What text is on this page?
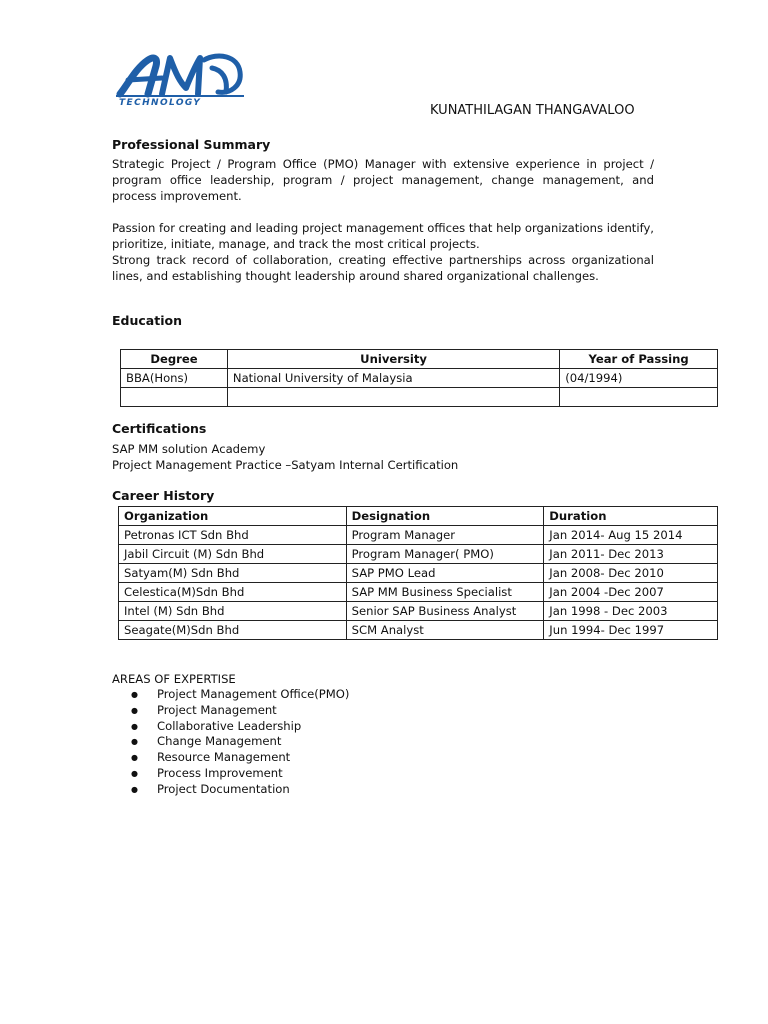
TECHNOLOGY	KUNATHILAGAN THANGAVALOO
Professional Summary

Strategic Project / Program Office (PMO) Manager with extensive experience in project / program office leadership, program / project management, change management, and process improvement.

Passion for creating and leading project management offices that help organizations identify, prioritize, initiate, manage, and track the most critical projects.

Strong track record of collaboration, creating effective partnerships across organizational lines, and establishing thought leadership around shared organizational challenges.

Education
Degree	University	Year of Passing
BBA(Hons)	National University of Malaysia	(04/1994)

Certifications
SAP MM solution Academy
Project Management Practice –Satyam Internal Certification
Career History
Organization	Designation	Duration
Petronas ICT Sdn Bhd	Program Manager	Jan 2014- Aug 15 2014
Jabil Circuit (M) Sdn Bhd	Program Manager( PMO)	Jan 2011- Dec 2013
Satyam(M) Sdn Bhd	SAP PMO Lead	Jan 2008- Dec 2010
Celestica(M)Sdn Bhd	SAP MM Business Specialist	Jan 2004 -Dec 2007
Intel (M) Sdn Bhd	Senior SAP Business Analyst	Jan 1998 - Dec 2003
Seagate(M)Sdn Bhd	SCM Analyst	Jun 1994- Dec 1997
AREAS OF EXPERTISE
● Project Management Office(PMO)
● Project Management
● Collaborative Leadership
● Change Management
● Resource Management
● Process Improvement
● Project Documentation
